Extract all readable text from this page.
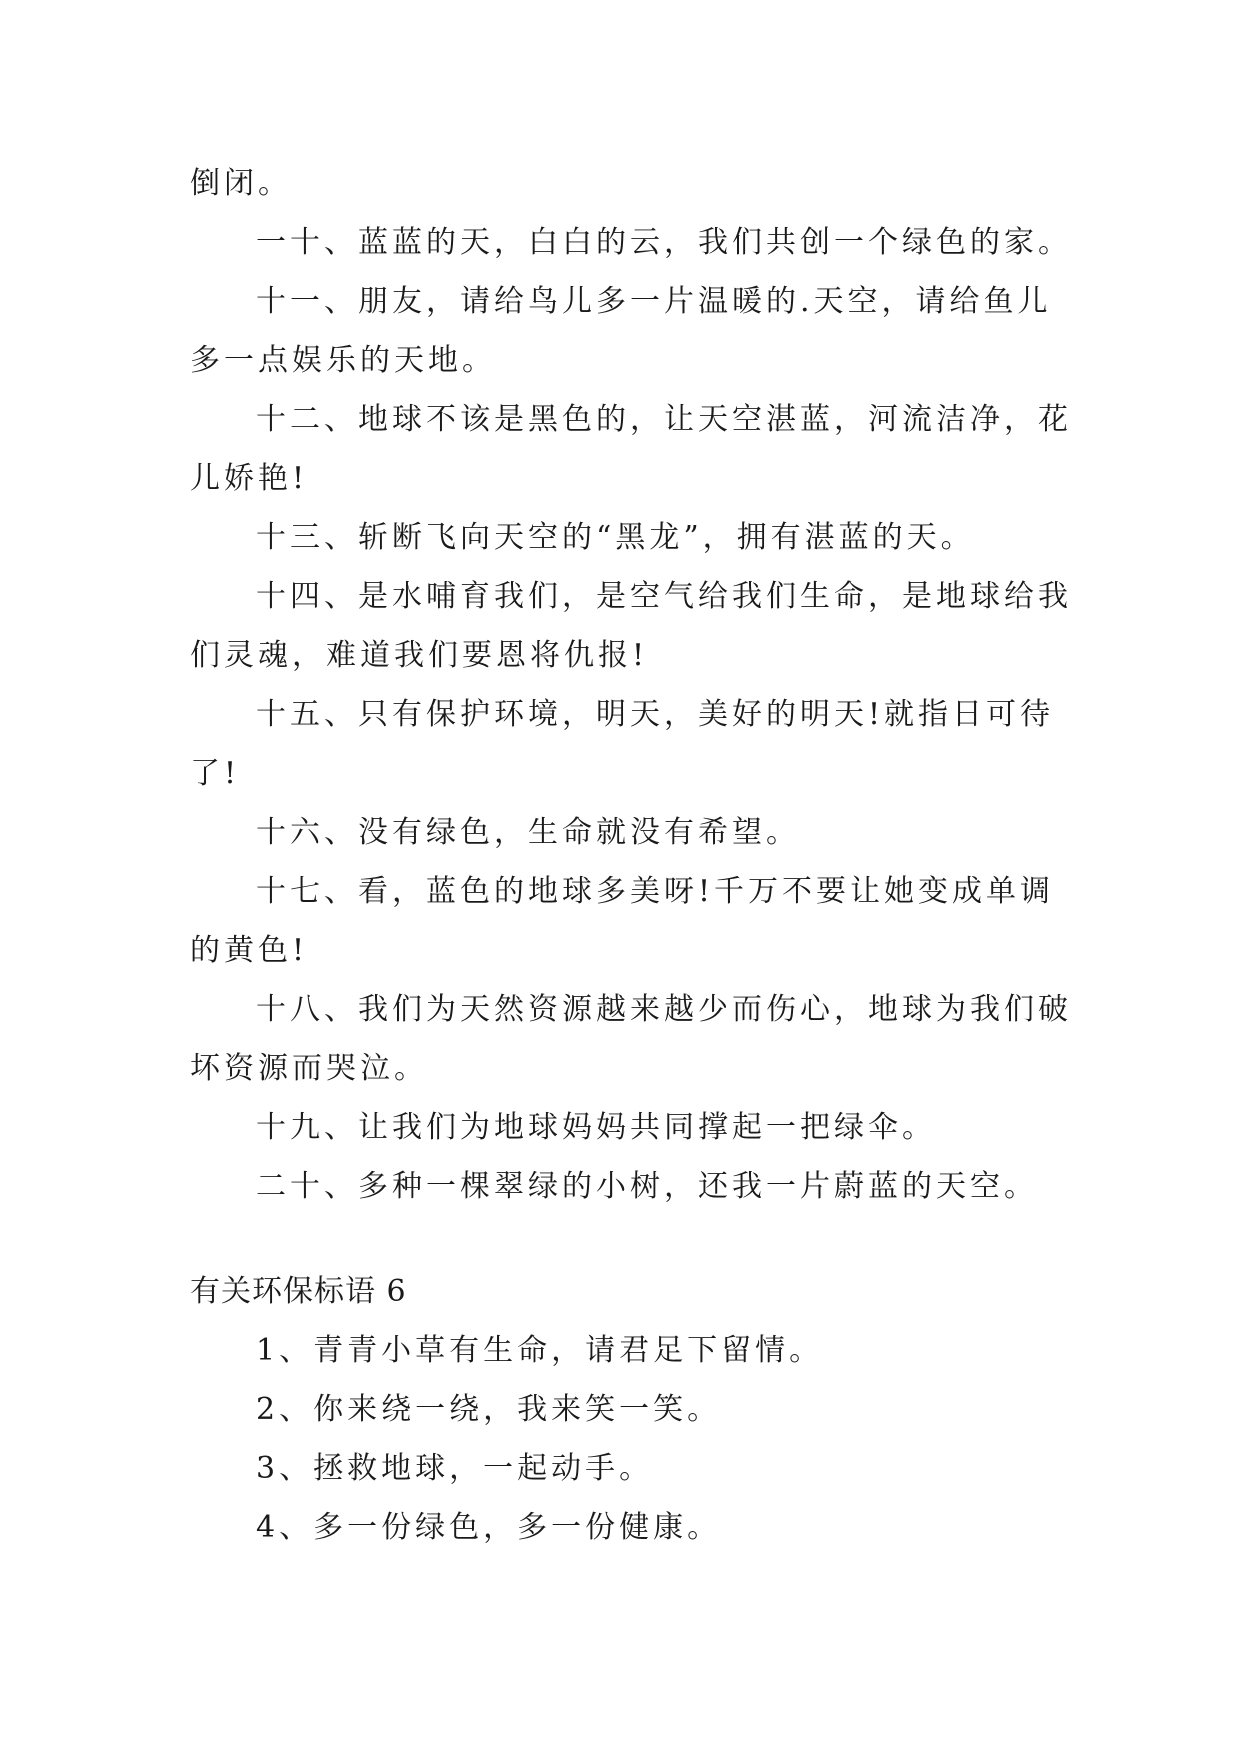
倒闭。

一十、蓝蓝的天，白白的云，我们共创一个绿色的家。

十一、朋友，请给鸟儿多一片温暖的.天空，请给鱼儿

多一点娱乐的天地。

十二、地球不该是黑色的，让天空湛蓝，河流洁净，花

儿娇艳!

十三、斩断飞向天空的“黑龙”，拥有湛蓝的天。

十四、是水哺育我们，是空气给我们生命，是地球给我

们灵魂，难道我们要恩将仇报!

十五、只有保护环境，明天，美好的明天!就指日可待

了!

十六、没有绿色，生命就没有希望。

十七、看，蓝色的地球多美呀!千万不要让她变成单调

的黄色!

十八、我们为天然资源越来越少而伤心，地球为我们破

坏资源而哭泣。

十九、让我们为地球妈妈共同撑起一把绿伞。

二十、多种一棵翠绿的小树，还我一片蔚蓝的天空。

有关环保标语 6

1、青青小草有生命，请君足下留情。

2、你来绕一绕，我来笑一笑。

3、拯救地球，一起动手。

4、多一份绿色，多一份健康。
